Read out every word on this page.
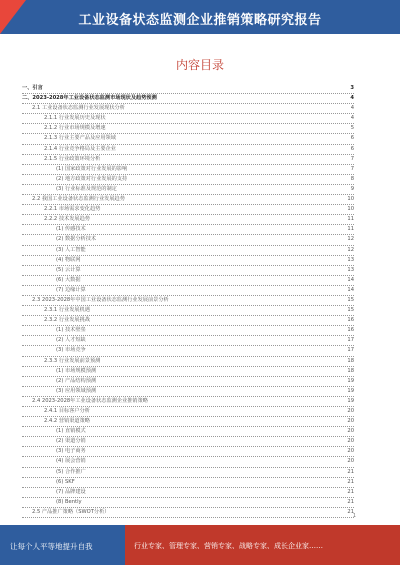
工业设备状态监测企业推销策略研究报告
内容目录
一、引言	3
二、2023-2028年工业设备状态监测市场现状及趋势预测	4
2.1 工业设备状态监测行业发展现状分析	4
2.1.1 行业发展历史及现状	4
2.1.2 行业市场规模及增速	5
2.1.3 行业主要产品及应用领域	6
2.1.4 行业竞争格局及主要企业	6
2.1.5 行业政策环境分析	7
(1) 国家政策对行业发展的影响	7
(2) 地方政策对行业发展的支持	8
(3) 行业标准及规范的制定	9
2.2 我国工业设备状态监测行业发展趋势	10
2.2.1 市场需求变化趋势	10
2.2.2 技术发展趋势	11
(1) 传感技术	11
(2) 数据分析技术	12
(3) 人工智能	12
(4) 物联网	13
(5) 云计算	13
(6) 大数据	14
(7) 边缘计算	14
2.3 2023-2028年中国工业设备状态监测行业发展前景分析	15
2.3.1 行业发展机遇	15
2.3.2 行业发展挑战	16
(1) 技术壁垒	16
(2) 人才短缺	17
(3) 市场竞争	17
2.3.3 行业发展前景预测	18
(1) 市场规模预测	18
(2) 产品结构预测	19
(3) 应用领域预测	19
2.4 2023-2028年工业设备状态监测企业推销策略	19
2.4.1 目标客户分析	20
2.4.2 营销渠道策略	20
(1) 直销模式	20
(2) 渠道分销	20
(3) 电子商务	20
(4) 展会营销	20
(5) 合作推广	21
(6) SKF	21
(7) 品牌建设	21
(8) Bently	21
2.5 产品推广策略（SWOT分析）	21
1
让每个人平等地提升自我	行业专家、管理专家、营销专家、战略专家、成长企业家……
